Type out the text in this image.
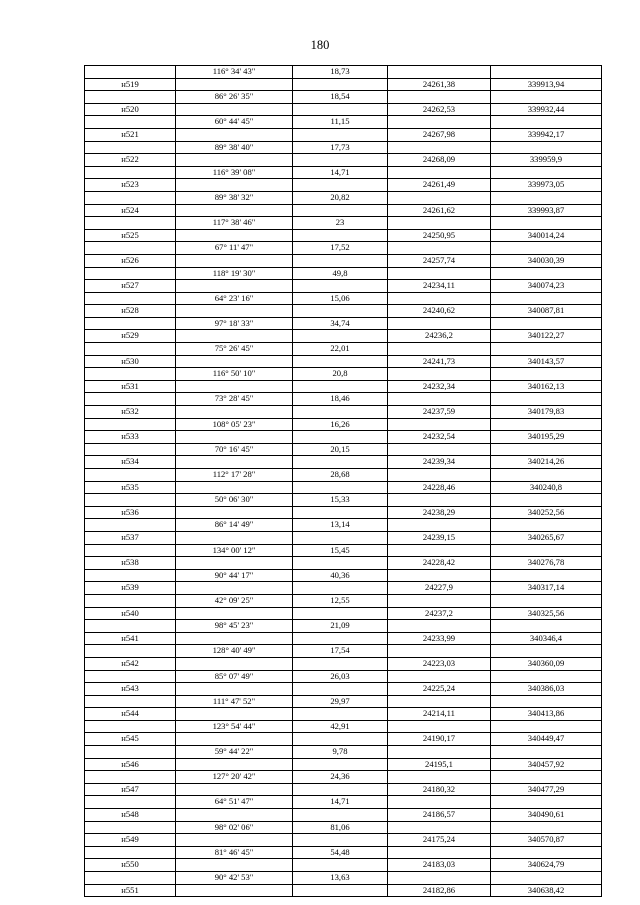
180
	116° 34' 43"	18,73		
н519			24261,38	339913,94
	86° 26' 35"	18,54		
н520			24262,53	339932,44
	60° 44' 45"	11,15		
н521			24267,98	339942,17
	89° 38' 40"	17,73		
н522			24268,09	339959,9
	116° 39' 08"	14,71		
н523			24261,49	339973,05
	89° 38' 32"	20,82		
н524			24261,62	339993,87
	117° 38' 46"	23		
н525			24250,95	340014,24
	67° 11' 47"	17,52		
н526			24257,74	340030,39
	118° 19' 30"	49,8		
н527			24234,11	340074,23
	64° 23' 16"	15,06		
н528			24240,62	340087,81
	97° 18' 33"	34,74		
н529			24236,2	340122,27
	75° 26' 45"	22,01		
н530			24241,73	340143,57
	116° 50' 10"	20,8		
н531			24232,34	340162,13
	73° 28' 45"	18,46		
н532			24237,59	340179,83
	108° 05' 23"	16,26		
н533			24232,54	340195,29
	70° 16' 45"	20,15		
н534			24239,34	340214,26
	112° 17' 28"	28,68		
н535			24228,46	340240,8
	50° 06' 30"	15,33		
н536			24238,29	340252,56
	86° 14' 49"	13,14		
н537			24239,15	340265,67
	134° 00' 12"	15,45		
н538			24228,42	340276,78
	90° 44' 17"	40,36		
н539			24227,9	340317,14
	42° 09' 25"	12,55		
н540			24237,2	340325,56
	98° 45' 23"	21,09		
н541			24233,99	340346,4
	128° 40' 49"	17,54		
н542			24223,03	340360,09
	85° 07' 49"	26,03		
н543			24225,24	340386,03
	111° 47' 52"	29,97		
н544			24214,11	340413,86
	123° 54' 44"	42,91		
н545			24190,17	340449,47
	59° 44' 22"	9,78		
н546			24195,1	340457,92
	127° 20' 42"	24,36		
н547			24180,32	340477,29
	64° 51' 47"	14,71		
н548			24186,57	340490,61
	98° 02' 06"	81,06		
н549			24175,24	340570,87
	81° 46' 45"	54,48		
н550			24183,03	340624,79
	90° 42' 53"	13,63		
н551			24182,86	340638,42
